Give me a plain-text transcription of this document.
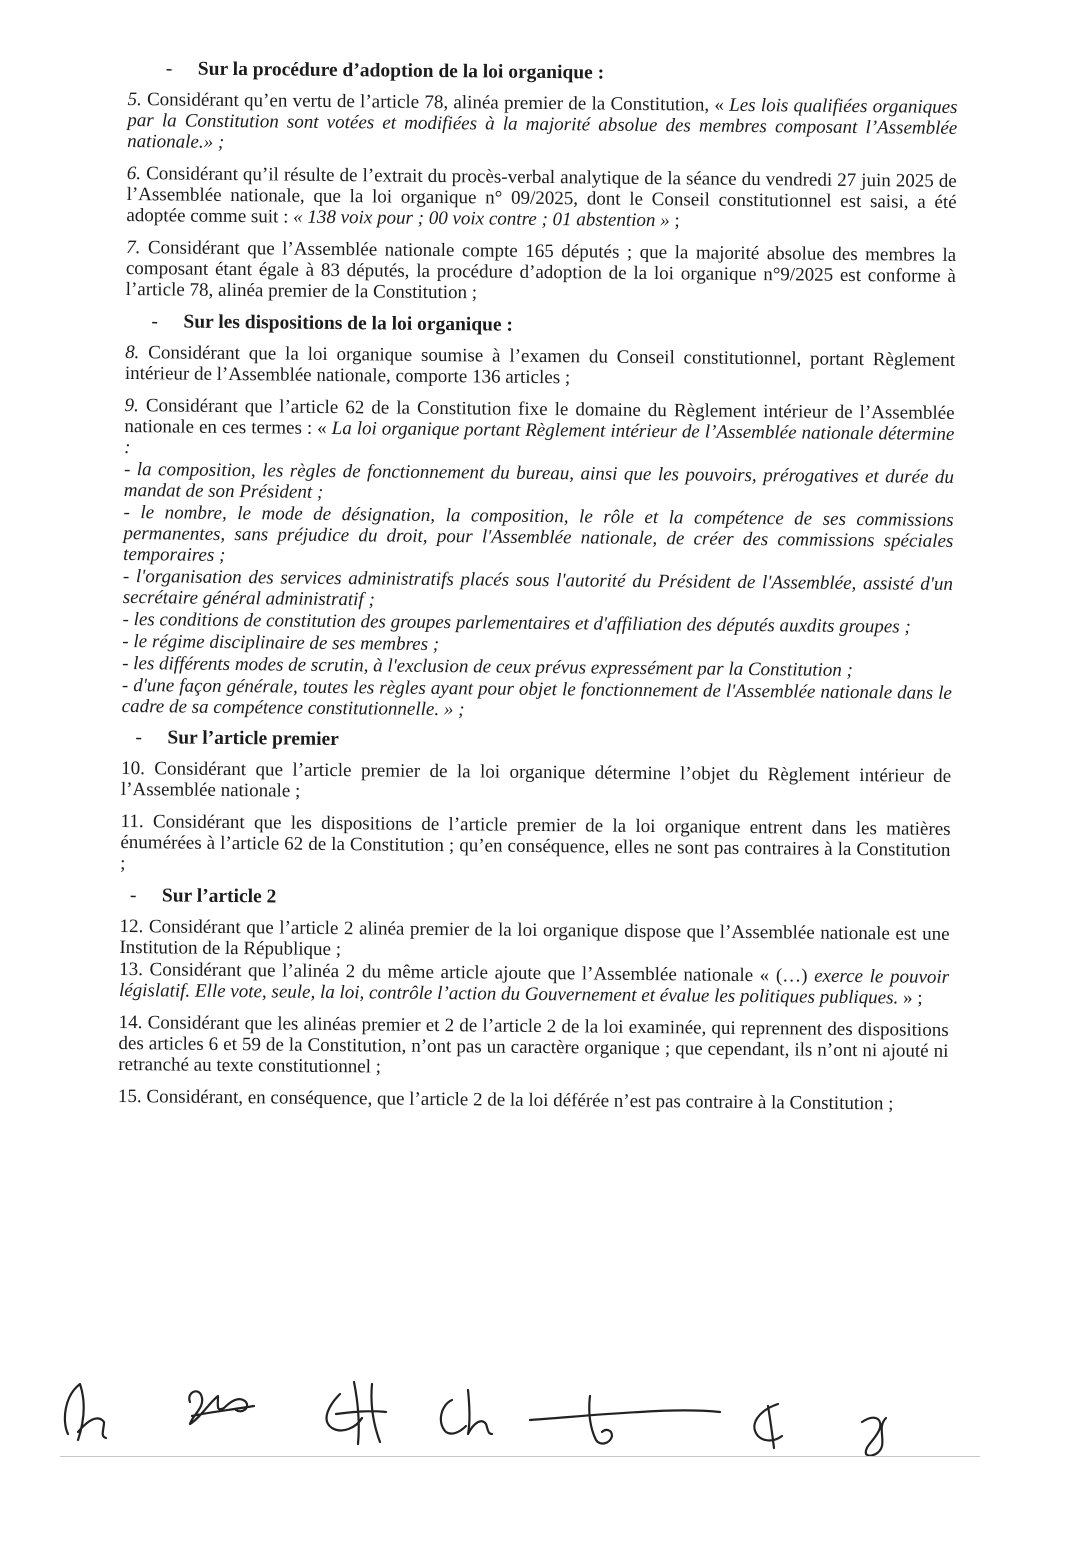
-	Sur la procédure d’adoption de la loi organique :

5. Considérant qu’en vertu de l’article 78, alinéa premier de la Constitution, « Les lois qualifiées organiques par la Constitution sont votées et modifiées à la majorité absolue des membres composant l’Assemblée nationale.» ;

6. Considérant qu’il résulte de l’extrait du procès-verbal analytique de la séance du vendredi 27 juin 2025 de l’Assemblée nationale, que la loi organique n° 09/2025, dont le Conseil constitutionnel est saisi, a été adoptée comme suit : « 138 voix pour ; 00 voix contre ; 01 abstention » ;

7. Considérant que l’Assemblée nationale compte 165 députés ; que la majorité absolue des membres la composant étant égale à 83 députés, la procédure d’adoption de la loi organique n°9/2025 est conforme à l’article 78, alinéa premier de la Constitution ;

-	Sur les dispositions de la loi organique :

8. Considérant que la loi organique soumise à l’examen du Conseil constitutionnel, portant Règlement intérieur de l’Assemblée nationale, comporte 136 articles ;

9. Considérant que l’article 62 de la Constitution fixe le domaine du Règlement intérieur de l’Assemblée nationale en ces termes : « La loi organique portant Règlement intérieur de l’Assemblée nationale détermine :

- la composition, les règles de fonctionnement du bureau, ainsi que les pouvoirs, prérogatives et durée du mandat de son Président ;

- le nombre, le mode de désignation, la composition, le rôle et la compétence de ses commissions permanentes, sans préjudice du droit, pour l'Assemblée nationale, de créer des commissions spéciales temporaires ;

- l'organisation des services administratifs placés sous l'autorité du Président de l'Assemblée, assisté d'un secrétaire général administratif ;

- les conditions de constitution des groupes parlementaires et d'affiliation des députés auxdits groupes ;

- le régime disciplinaire de ses membres ;

- les différents modes de scrutin, à l'exclusion de ceux prévus expressément par la Constitution ;

- d'une façon générale, toutes les règles ayant pour objet le fonctionnement de l'Assemblée nationale dans le cadre de sa compétence constitutionnelle. » ;

-	Sur l’article premier

10. Considérant que l’article premier de la loi organique détermine l’objet du Règlement intérieur de l’Assemblée nationale ;

11. Considérant que les dispositions de l’article premier de la loi organique entrent dans les matières énumérées à l’article 62 de la Constitution ; qu’en conséquence, elles ne sont pas contraires à la Constitution ;

-	Sur l’article 2

12. Considérant que l’article 2 alinéa premier de la loi organique dispose que l’Assemblée nationale est une Institution de la République ;

13. Considérant que l’alinéa 2 du même article ajoute que l’Assemblée nationale « (…) exerce le pouvoir législatif. Elle vote, seule, la loi, contrôle l’action du Gouvernement et évalue les politiques publiques. » ;

14. Considérant que les alinéas premier et 2 de l’article 2 de la loi examinée, qui reprennent des dispositions des articles 6 et 59 de la Constitution, n’ont pas un caractère organique ; que cependant, ils n’ont ni ajouté ni retranché au texte constitutionnel ;

15. Considérant, en conséquence, que l’article 2 de la loi déférée n’est pas contraire à la Constitution ;
